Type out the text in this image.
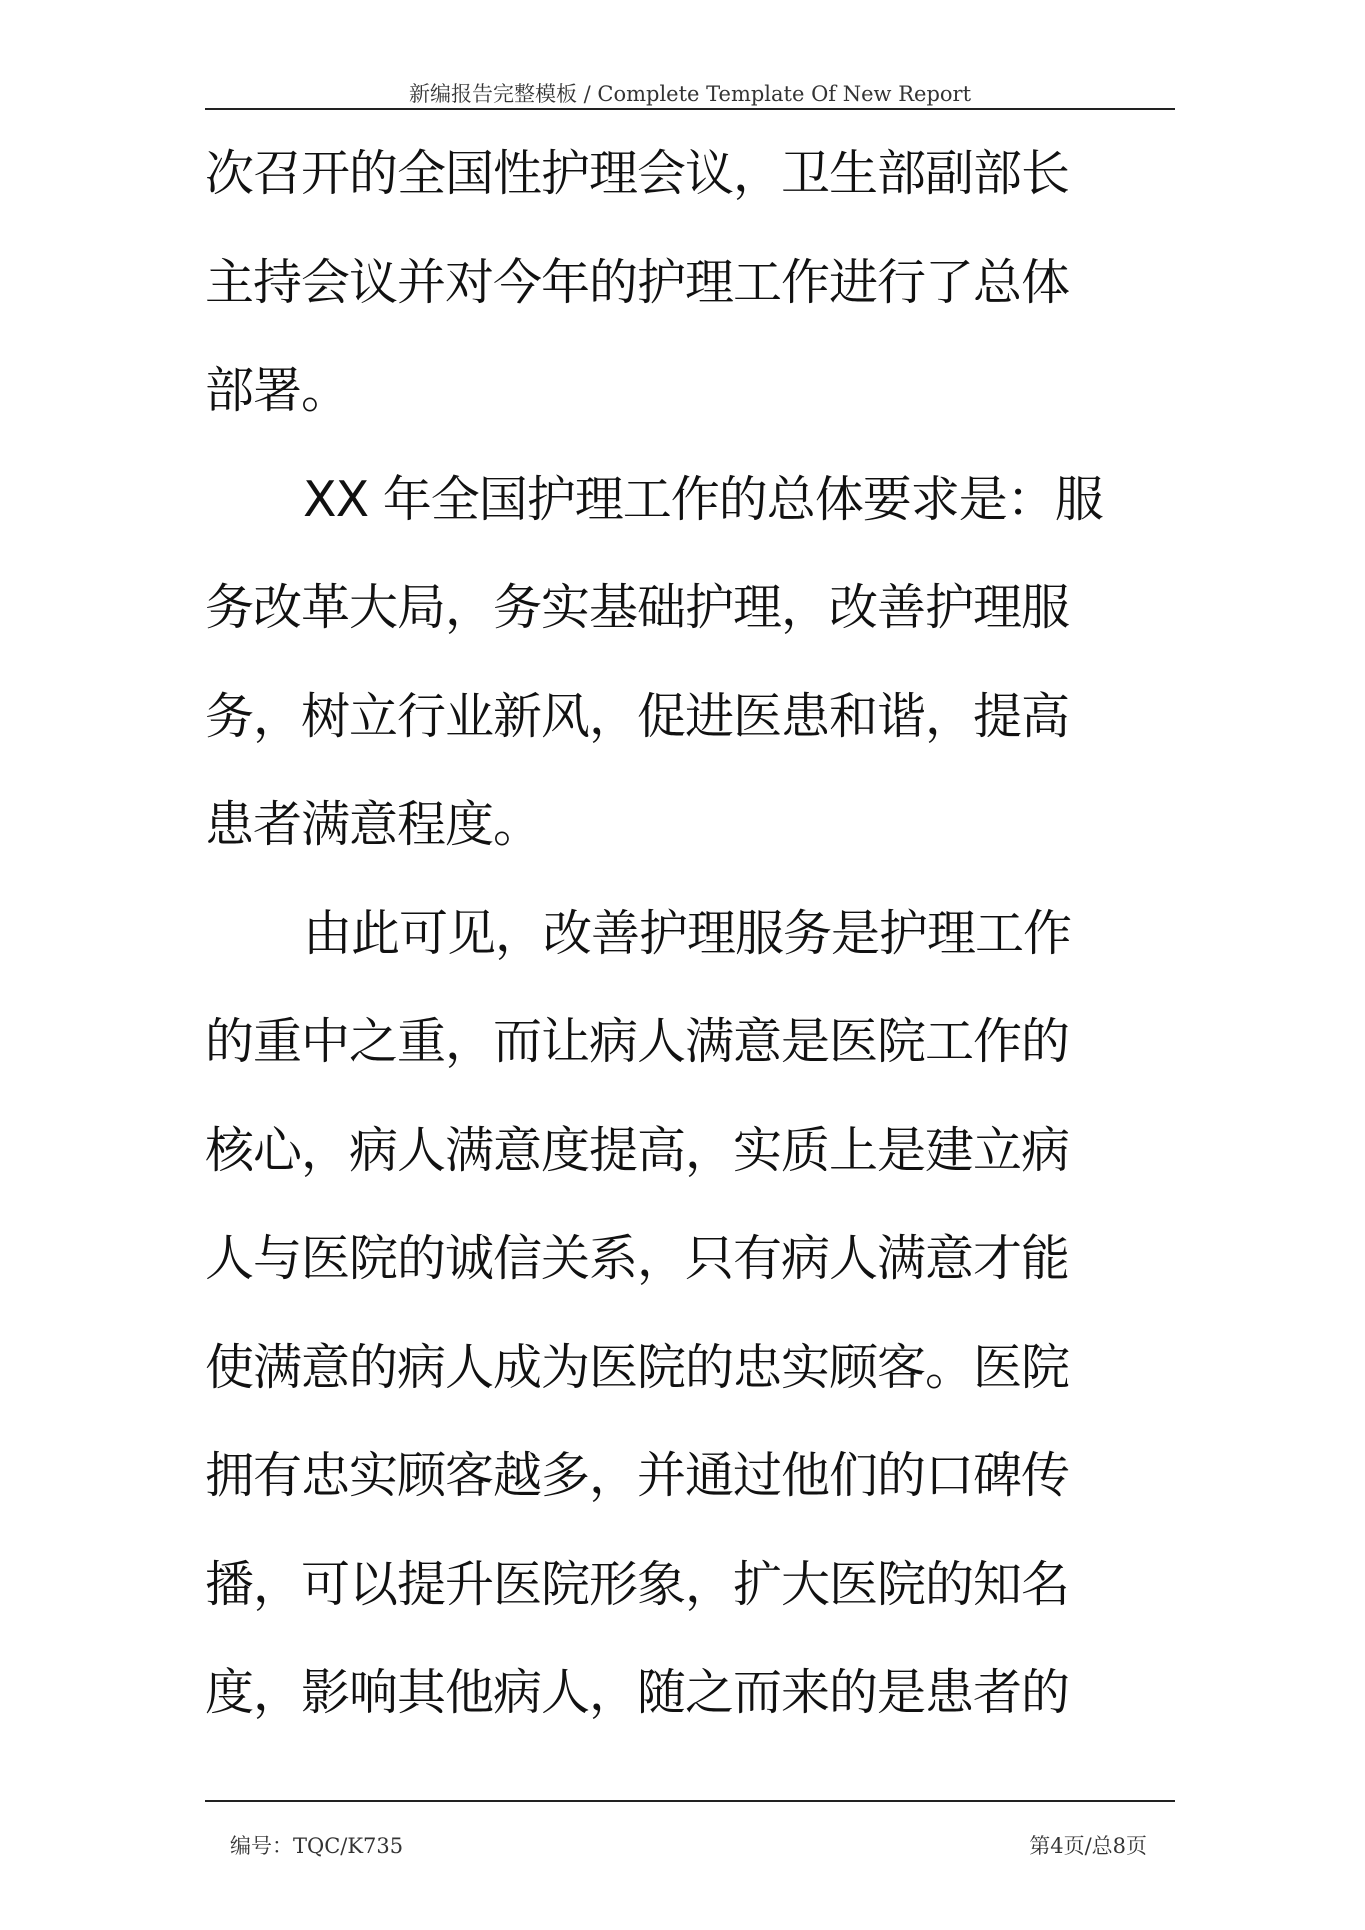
新编报告完整模板 / Complete Template Of New Report
次召开的全国性护理会议，卫生部副部长
主持会议并对今年的护理工作进行了总体
部署。
XX 年全国护理工作的总体要求是：服
务改革大局，务实基础护理，改善护理服
务，树立行业新风，促进医患和谐，提高
患者满意程度。
由此可见，改善护理服务是护理工作
的重中之重，而让病人满意是医院工作的
核心，病人满意度提高，实质上是建立病
人与医院的诚信关系，只有病人满意才能
使满意的病人成为医院的忠实顾客。医院
拥有忠实顾客越多，并通过他们的口碑传
播，可以提升医院形象，扩大医院的知名
度，影响其他病人，随之而来的是患者的
编号：TQC/K735	第4页/总8页
